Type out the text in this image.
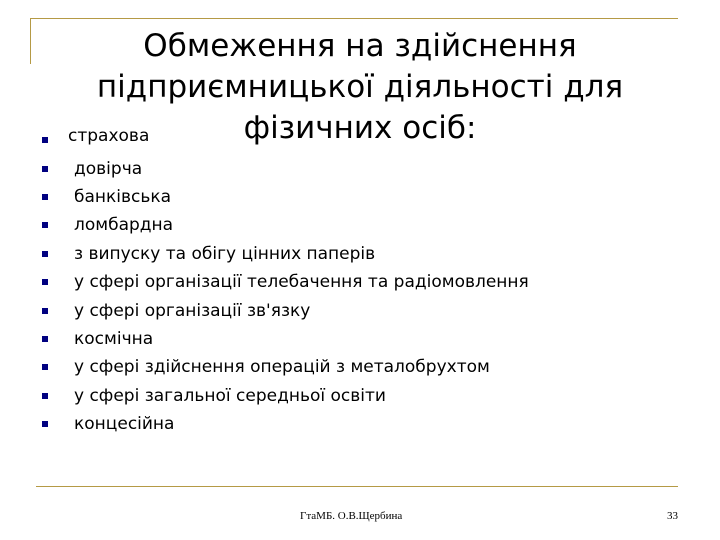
Обмеження на здійснення
підприємницької діяльності для
фізичних осіб:
страхова
довірча
банківська
ломбардна
з випуску та обігу цінних паперів
у сфері організації телебачення та радіомовлення
у сфері організації зв'язку
космічна
у сфері здійснення операцій з металобрухтом
у сфері загальної середньої освіти
концесійна
ГтаМБ. О.В.Щербина	33
